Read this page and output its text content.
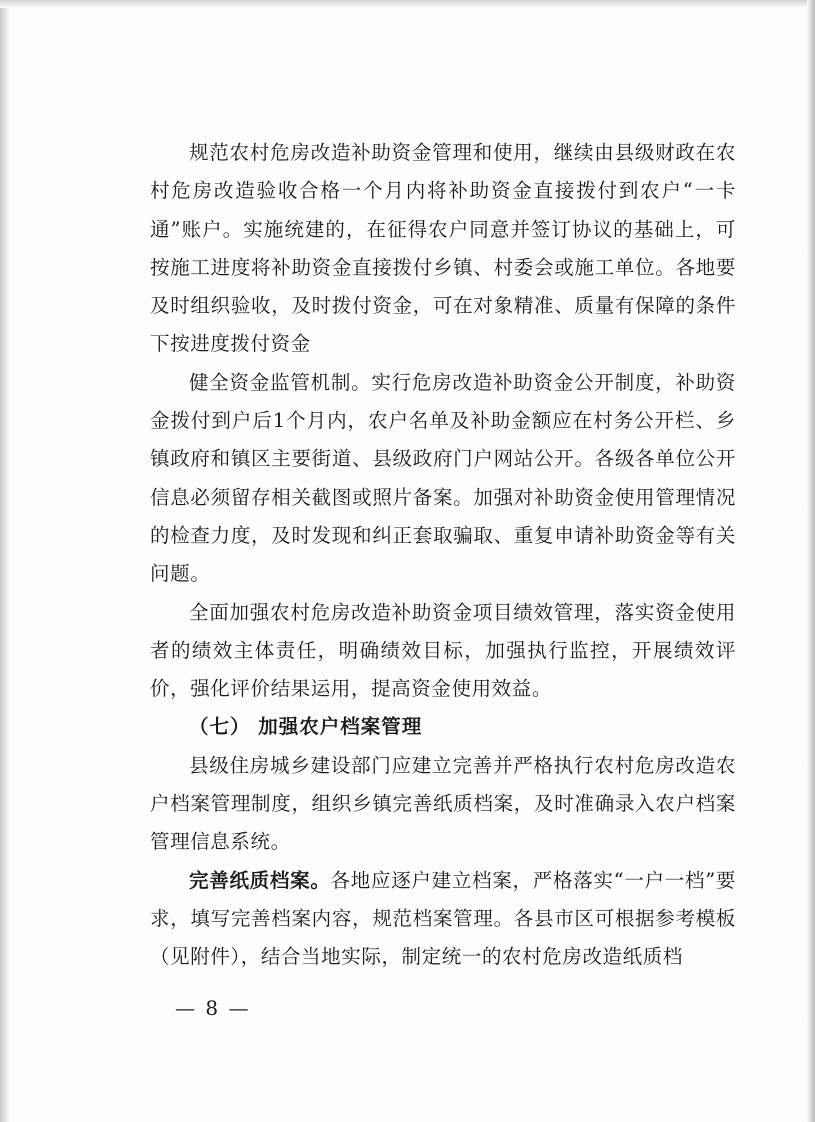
规范农村危房改造补助资金管理和使用，继续由县级财政在农村危房改造验收合格一个月内将补助资金直接拨付到农户“一卡通”账户。实施统建的，在征得农户同意并签订协议的基础上，可按施工进度将补助资金直接拨付乡镇、村委会或施工单位。各地要及时组织验收，及时拨付资金，可在对象精准、质量有保障的条件下按进度拨付资金

健全资金监管机制。实行危房改造补助资金公开制度，补助资金拨付到户后1个月内，农户名单及补助金额应在村务公开栏、乡镇政府和镇区主要街道、县级政府门户网站公开。各级各单位公开信息必须留存相关截图或照片备案。加强对补助资金使用管理情况的检查力度，及时发现和纠正套取骗取、重复申请补助资金等有关问题。

全面加强农村危房改造补助资金项目绩效管理，落实资金使用者的绩效主体责任，明确绩效目标，加强执行监控，开展绩效评价，强化评价结果运用，提高资金使用效益。

（七） 加强农户档案管理

县级住房城乡建设部门应建立完善并严格执行农村危房改造农户档案管理制度，组织乡镇完善纸质档案，及时准确录入农户档案管理信息系统。

完善纸质档案。各地应逐户建立档案，严格落实“一户一档”要求，填写完善档案内容，规范档案管理。各县市区可根据参考模板（见附件），结合当地实际，制定统一的农村危房改造纸质档

— 8 —
